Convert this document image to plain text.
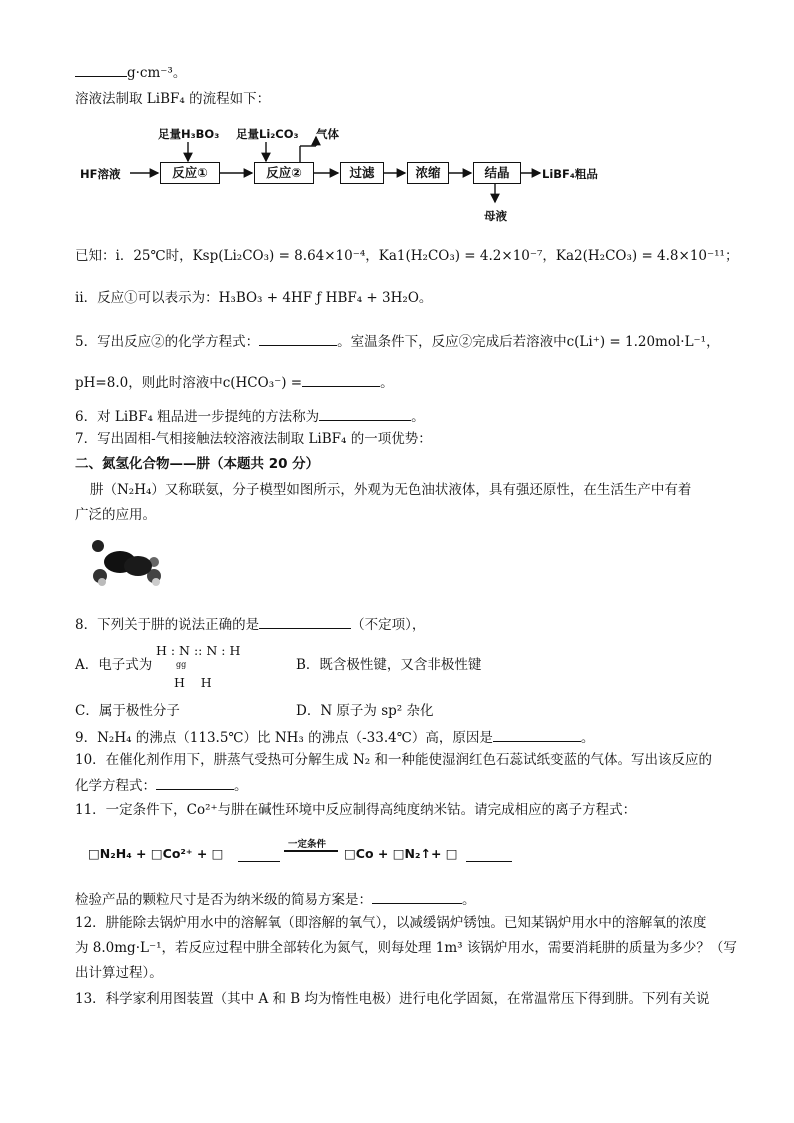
g·cm⁻³。
溶液法制取 LiBF₄ 的流程如下：
HF溶液
足量H₃BO₃ 足量Li₂CO₃ 气体
反应①	反应②	过滤	浓缩	结晶	LiBF₄粗品
母液
已知：ⅰ．25℃时，Ksp(Li₂CO₃) = 8.64×10⁻⁴，Ka1(H₂CO₃) = 4.2×10⁻⁷，Ka2(H₂CO₃) = 4.8×10⁻¹¹；
ⅱ．反应①可以表示为：H₃BO₃ + 4HF ƒ HBF₄ + 3H₂O。
5．写出反应②的化学方程式：	。室温条件下，反应②完成后若溶液中c(Li⁺) = 1.20mol·L⁻¹，
pH=8.0，则此时溶液中c(HCO₃⁻) =	。
6．对 LiBF₄ 粗品进一步提纯的方法称为	。
7．写出固相-气相接触法较溶液法制取 LiBF₄ 的一项优势：
二、氮氢化合物——肼（本题共 20 分）
肼（N₂H₄）又称联氨，分子模型如图所示，外观为无色油状液体，具有强还原性，在生活生产中有着
广泛的应用。
8．下列关于肼的说法正确的是	（不定项），
A．电子式为
H : N :: N : H
gg
H    H
B．既含极性键，又含非极性键
C．属于极性分子	D．N 原子为 sp² 杂化
9．N₂H₄ 的沸点（113.5℃）比 NH₃ 的沸点（-33.4℃）高，原因是	。
10．在催化剂作用下，肼蒸气受热可分解生成 N₂ 和一种能使湿润红色石蕊试纸变蓝的气体。写出该反应的
化学方程式：	。
11．一定条件下，Co²⁺与肼在碱性环境中反应制得高纯度纳米钴。请完成相应的离子方程式：
□N₂H₄ + □Co²⁺ + □
一定条件
□Co + □N₂↑+ □
检验产品的颗粒尺寸是否为纳米级的简易方案是：	。
12．肼能除去锅炉用水中的溶解氧（即溶解的氧气），以减缓锅炉锈蚀。已知某锅炉用水中的溶解氧的浓度
为 8.0mg·L⁻¹，若反应过程中肼全部转化为氮气，则每处理 1m³ 该锅炉用水，需要消耗肼的质量为多少？（写
出计算过程）。
13．科学家利用图装置（其中 A 和 B 均为惰性电极）进行电化学固氮，在常温常压下得到肼。下列有关说
